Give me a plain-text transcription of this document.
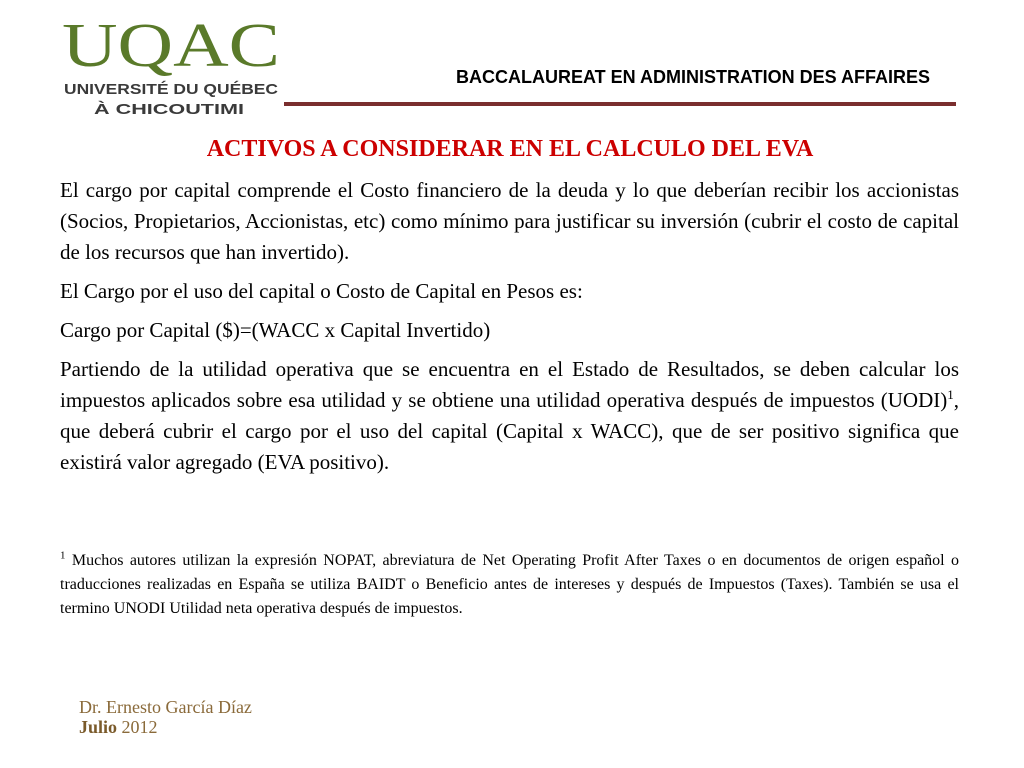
UQAC
UNIVERSITÉ DU QUÉBEC
À CHICOUTIMI
BACCALAUREAT EN ADMINISTRATION DES AFFAIRES
ACTIVOS A CONSIDERAR EN EL CALCULO DEL EVA

El cargo por capital comprende el Costo financiero de la deuda y lo que deberían recibir los accionistas (Socios, Propietarios, Accionistas, etc) como mínimo para justificar su inversión (cubrir el costo de capital de los recursos que han invertido).

El Cargo por el uso del capital o Costo de Capital en Pesos es:

Cargo por Capital ($)=(WACC x Capital Invertido)

Partiendo de la utilidad operativa que se encuentra en el Estado de Resultados, se deben calcular los impuestos aplicados sobre esa utilidad y se obtiene una utilidad operativa después de impuestos (UODI)$^1$, que deberá cubrir el cargo por el uso del capital (Capital x WACC), que de ser positivo significa que existirá valor agregado (EVA positivo).

$^1$ Muchos autores utilizan la expresión NOPAT, abreviatura de Net Operating Profit After Taxes o en documentos de origen español o traducciones realizadas en España se utiliza BAIDT o Beneficio antes de intereses y después de Impuestos (Taxes). También se usa el termino UNODI Utilidad neta operativa después de impuestos.
Dr. Ernesto García Díaz
Julio 2012
